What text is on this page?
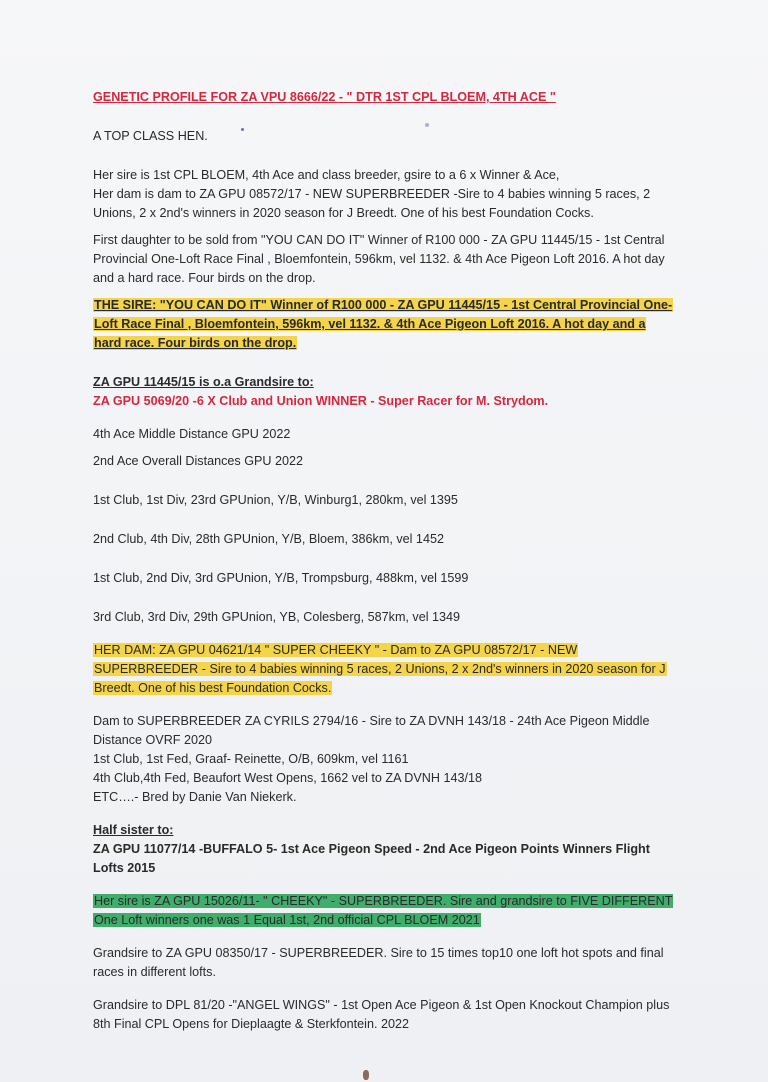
GENETIC PROFILE FOR ZA VPU 8666/22 - " DTR 1ST CPL BLOEM, 4TH ACE "

A TOP CLASS HEN.

Her sire is 1st CPL BLOEM, 4th Ace and class breeder, gsire to a 6 x Winner & Ace,

Her dam is dam to ZA GPU 08572/17 - NEW SUPERBREEDER -Sire to 4 babies winning 5 races, 2 Unions, 2 x 2nd's winners in 2020 season for J Breedt. One of his best Foundation Cocks.

First daughter to be sold from "YOU CAN DO IT" Winner of R100 000 - ZA GPU 11445/15 - 1st Central Provincial One-Loft Race Final , Bloemfontein, 596km, vel 1132. & 4th Ace Pigeon Loft 2016. A hot day and a hard race. Four birds on the drop.

THE SIRE: "YOU CAN DO IT" Winner of R100 000 - ZA GPU 11445/15 - 1st Central Provincial One-Loft Race Final , Bloemfontein, 596km, vel 1132. & 4th Ace Pigeon Loft 2016. A hot day and a hard race. Four birds on the drop.

ZA GPU 11445/15 is o.a Grandsire to:

ZA GPU 5069/20 -6 X Club and Union WINNER - Super Racer for M. Strydom.

4th Ace Middle Distance GPU 2022

2nd Ace Overall Distances GPU 2022

1st Club, 1st Div, 23rd GPUnion, Y/B, Winburg1, 280km, vel 1395

2nd Club, 4th Div, 28th GPUnion, Y/B, Bloem, 386km, vel 1452

1st Club, 2nd Div, 3rd GPUnion, Y/B, Trompsburg, 488km, vel 1599

3rd Club, 3rd Div, 29th GPUnion, YB, Colesberg, 587km, vel 1349

HER DAM: ZA GPU 04621/14 " SUPER CHEEKY " - Dam to ZA GPU 08572/17 - NEW SUPERBREEDER - Sire to 4 babies winning 5 races, 2 Unions, 2 x 2nd's winners in 2020 season for J Breedt. One of his best Foundation Cocks.

Dam to SUPERBREEDER ZA CYRILS 2794/16 - Sire to ZA DVNH 143/18 - 24th Ace Pigeon Middle Distance OVRF 2020

1st Club, 1st Fed, Graaf- Reinette, O/B, 609km, vel 1161

4th Club,4th Fed, Beaufort West Opens, 1662 vel to ZA DVNH 143/18

ETC….- Bred by Danie Van Niekerk.

Half sister to:

ZA GPU 11077/14 -BUFFALO 5- 1st Ace Pigeon Speed - 2nd Ace Pigeon Points Winners Flight Lofts 2015

Her sire is ZA GPU 15026/11- " CHEEKY" - SUPERBREEDER. Sire and grandsire to FIVE DIFFERENT One Loft winners one was 1 Equal 1st, 2nd official CPL BLOEM 2021

Grandsire to ZA GPU 08350/17 - SUPERBREEDER. Sire to 15 times top10 one loft hot spots and final races in different lofts.

Grandsire to DPL 81/20 -"ANGEL WINGS" - 1st Open Ace Pigeon & 1st Open Knockout Champion plus 8th Final CPL Opens for Dieplaagte & Sterkfontein. 2022
